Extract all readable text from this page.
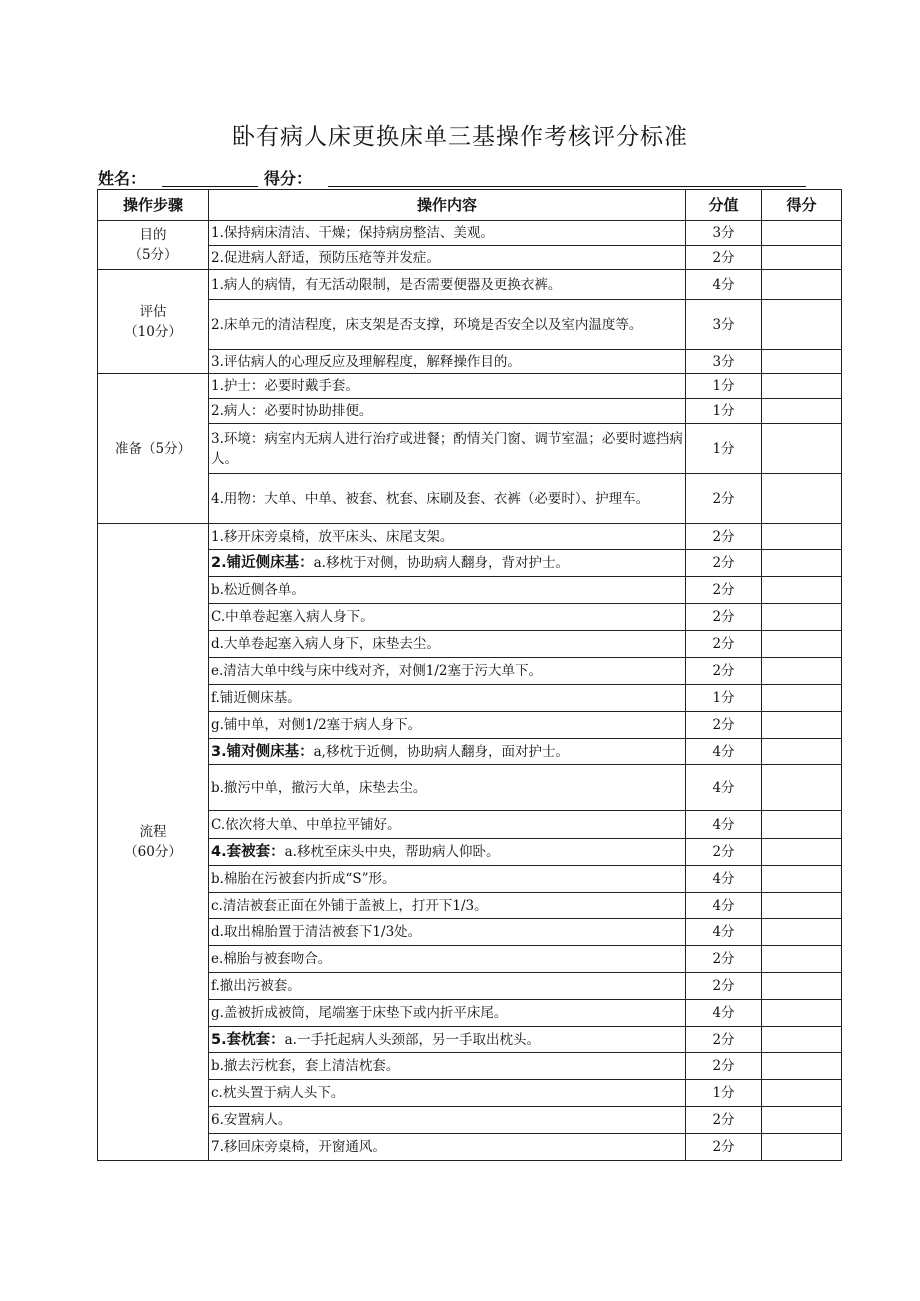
卧有病人床更换床单三基操作考核评分标准
姓名：	得分：
操作步骤	操作内容	分值	得分

目的
（5分）	1.保持病床清洁、干燥；保持病房整洁、美观。	3分	
	2.促进病人舒适，预防压疮等并发症。	2分	

评估
（10分）	1.病人的病情，有无活动限制，是否需要便器及更换衣裤。	4分	
	2.床单元的清洁程度，床支架是否支撑，环境是否安全以及室内温度等。	3分	
	3.评估病人的心理反应及理解程度，解释操作目的。	3分	

准备（5分）	1.护士：必要时戴手套。	1分	
	2.病人：必要时协助排便。	1分	
	3.环境：病室内无病人进行治疗或进餐；酌情关门窗、调节室温；必要时遮挡病人。	1分	
	4.用物：大单、中单、被套、枕套、床刷及套、衣裤（必要时）、护理车。	2分	

流程
（60分）	1.移开床旁桌椅，放平床头、床尾支架。	2分	
	2.铺近侧床基：a.移枕于对侧，协助病人翻身，背对护士。	2分	
	b.松近侧各单。	2分	
	C.中单卷起塞入病人身下。	2分	
	d.大单卷起塞入病人身下，床垫去尘。	2分	
	e.清洁大单中线与床中线对齐，对侧1/2塞于污大单下。	2分	
	f.铺近侧床基。	1分	
	g.铺中单，对侧1/2塞于病人身下。	2分	
	3.铺对侧床基：a,移枕于近侧，协助病人翻身，面对护士。	4分	
	b.撤污中单，撤污大单，床垫去尘。	4分	
	C.依次将大单、中单拉平铺好。	4分	
	4.套被套：a.移枕至床头中央，帮助病人仰卧。	2分	
	b.棉胎在污被套内折成“S”形。	4分	
	c.清洁被套正面在外铺于盖被上，打开下1/3。	4分	
	d.取出棉胎置于清洁被套下1/3处。	4分	
	e.棉胎与被套吻合。	2分	
	f.撤出污被套。	2分	
	g.盖被折成被筒，尾端塞于床垫下或内折平床尾。	4分	
	5.套枕套：a.一手托起病人头颈部，另一手取出枕头。	2分	
	b.撤去污枕套，套上清洁枕套。	2分	
	c.枕头置于病人头下。	1分	
	6.安置病人。	2分	
	7.移回床旁桌椅，开窗通风。	2分	
